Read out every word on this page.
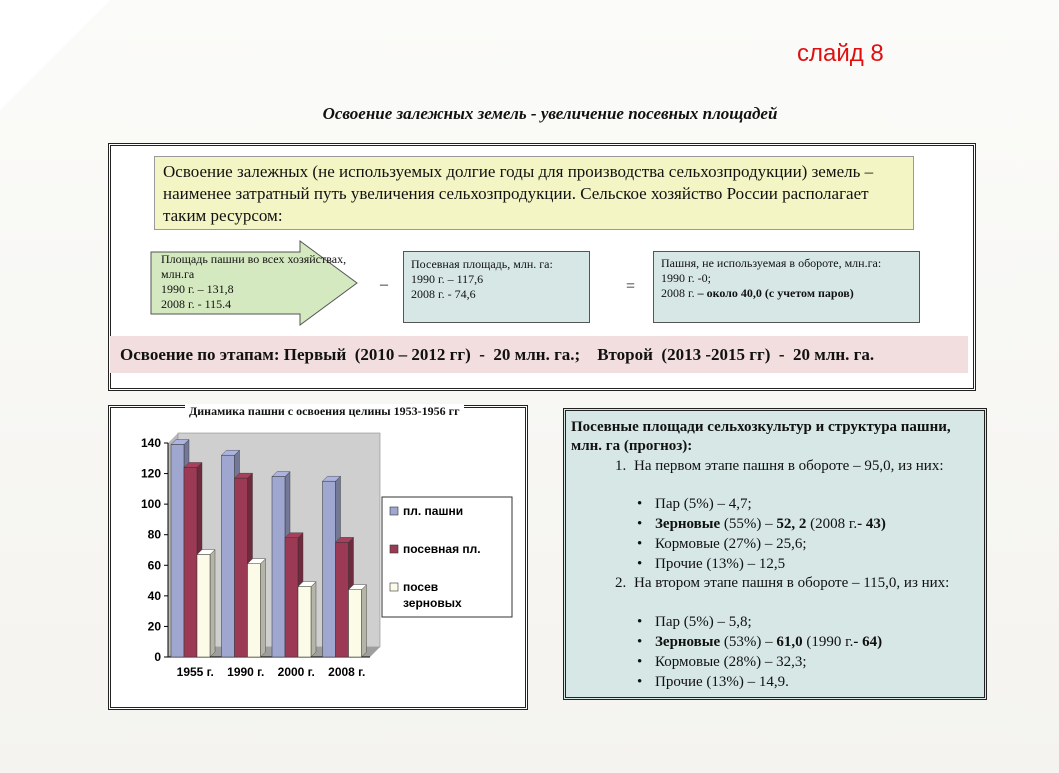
слайд 8
Освоение залежных земель - увеличение посевных площадей
Освоение залежных (не используемых долгие годы для производства сельхозпродукции) земель – наименее затратный путь увеличения сельхозпродукции. Сельское хозяйство России располагает таким ресурсом:
Площадь пашни во всех хозяйствах, млн.га
1990 г. – 131,8
2008 г. - 115.4
–
Посевная площадь, млн. га:
1990 г. – 117,6
2008 г. - 74,6	=
Пашня, не используемая в обороте, млн.га:
1990 г. -0;
2008 г. – около 40,0 (с учетом паров)
Освоение по этапам: Первый  (2010 – 2012 гг)  -  20 млн. га.;    Второй  (2013 -2015 гг)  -  20 млн. га.
0
20
40
60
80
100
120
140
1955 г. 1990 г. 2000 г. 2008 г.
пл. пашни
посевная пл.
посев
зерновых
Динамика пашни с освоения целины 1953-1956 гг
Посевные площади сельхозкультур и структура пашни, млн. га (прогноз):
1. На первом этапе пашня в обороте – 95,0, из них:
• Пар (5%) – 4,7;
• Зерновые (55%) – 52, 2 (2008 г.- 43)
• Кормовые (27%) – 25,6;
• Прочие (13%) – 12,5
2. На втором этапе пашня в обороте – 115,0, из них:
• Пар (5%) – 5,8;
• Зерновые (53%) – 61,0 (1990 г.- 64)
• Кормовые (28%) – 32,3;
• Прочие (13%) – 14,9.
